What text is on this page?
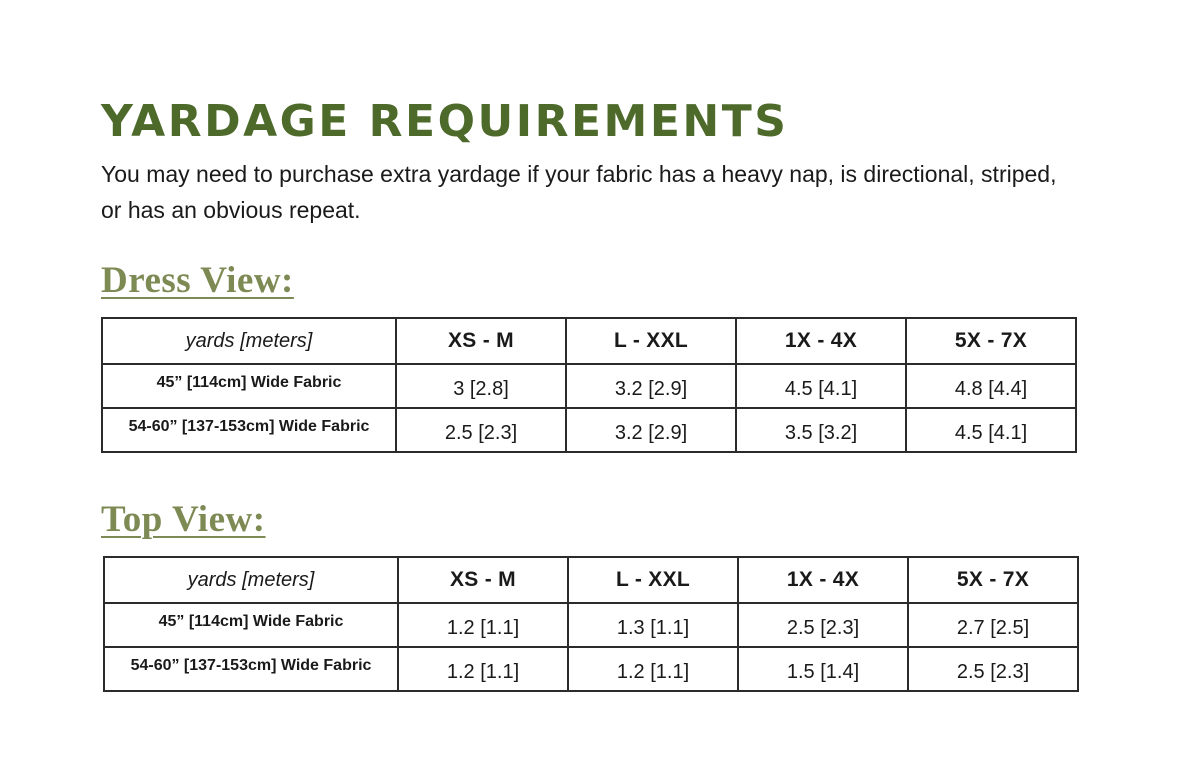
YARDAGE REQUIREMENTS

You may need to purchase extra yardage if your fabric has a heavy nap, is directional, striped, or has an obvious repeat.

Dress View:
yards [meters]	XS - M	L - XXL	1X - 4X	5X - 7X
45” [114cm] Wide Fabric	3 [2.8]	3.2 [2.9]	4.5 [4.1]	4.8 [4.4]
54-60” [137-153cm] Wide Fabric	2.5 [2.3]	3.2 [2.9]	3.5 [3.2]	4.5 [4.1]
Top View:
yards [meters]	XS - M	L - XXL	1X - 4X	5X - 7X
45” [114cm] Wide Fabric	1.2 [1.1]	1.3 [1.1]	2.5 [2.3]	2.7 [2.5]
54-60” [137-153cm] Wide Fabric	1.2 [1.1]	1.2 [1.1]	1.5 [1.4]	2.5 [2.3]
